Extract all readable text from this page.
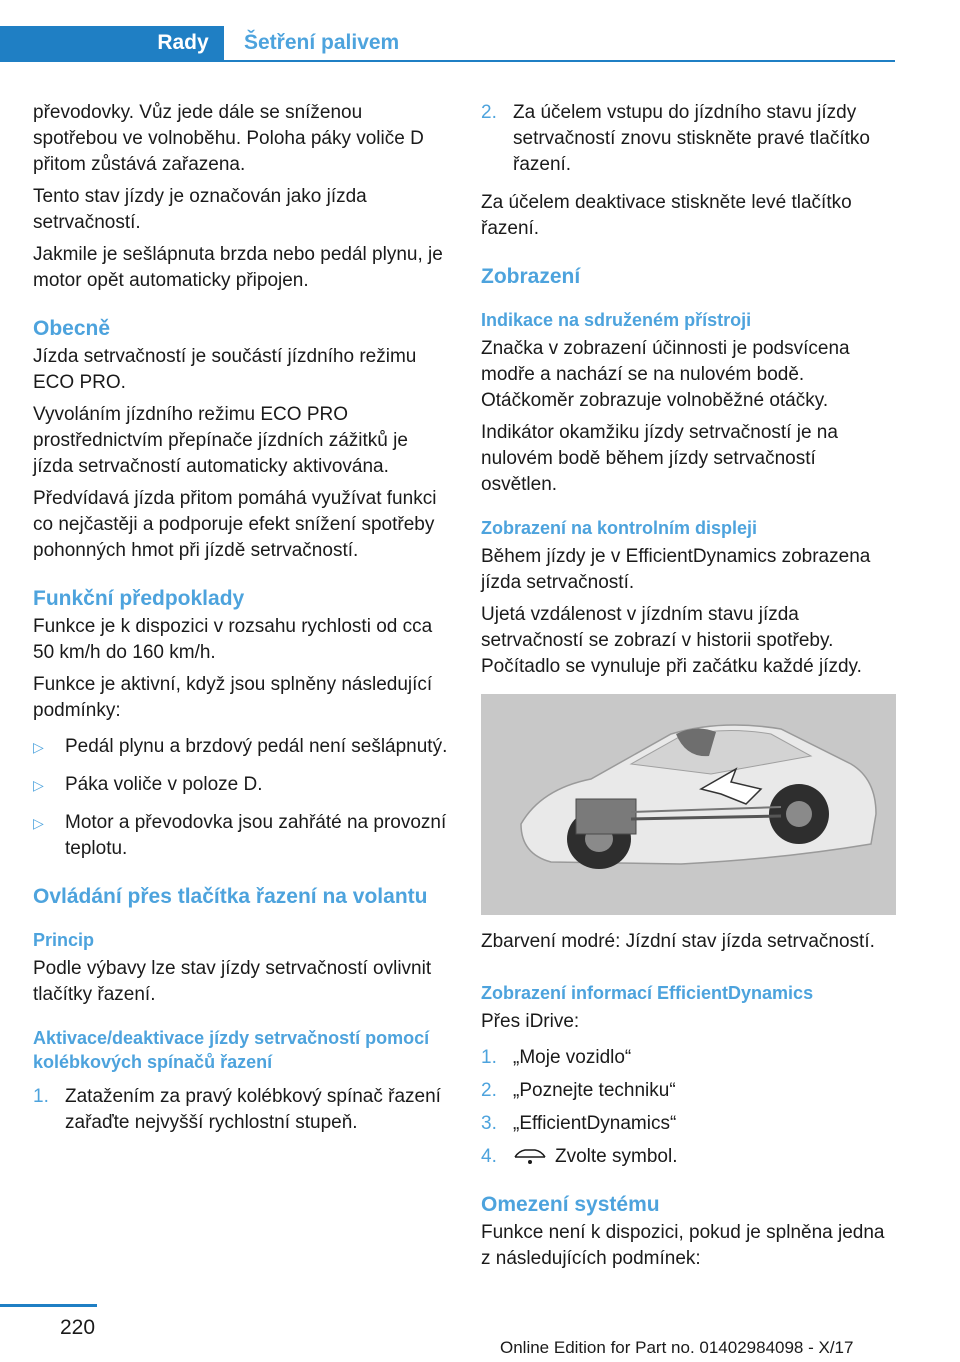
Rady	Šetření palivem

převodovky. Vůz jede dále se sníženou spotřebou ve volnoběhu. Poloha páky voliče D přitom zůstává zařazena.

Tento stav jízdy je označován jako jízda setrvačností.

Jakmile je sešlápnuta brzda nebo pedál plynu, je motor opět automaticky připojen.

Obecně

Jízda setrvačností je součástí jízdního režimu ECO PRO.

Vyvoláním jízdního režimu ECO PRO prostřednictvím přepínače jízdních zážitků je jízda setrvačností automaticky aktivována.

Předvídavá jízda přitom pomáhá využívat funkci co nejčastěji a podporuje efekt snížení spotřeby pohonných hmot při jízdě setrvačností.

Funkční předpoklady

Funkce je k dispozici v rozsahu rychlosti od cca 50 km/h do 160 km/h.

Funkce je aktivní, když jsou splněny následující podmínky:

▷ Pedál plynu a brzdový pedál není sešlápnutý.
▷ Páka voliče v poloze D.
▷ Motor a převodovka jsou zahřáté na provozní teplotu.
Ovládání přes tlačítka řazení na volantu
Princip

Podle výbavy lze stav jízdy setrvačností ovlivnit tlačítky řazení.

Aktivace/deaktivace jízdy setrvačností pomocí kolébkových spínačů řazení
1. Zatažením za pravý kolébkový spínač řazení zařaďte nejvyšší rychlostní stupeň.
2. Za účelem vstupu do jízdního stavu jízdy setrvačností znovu stiskněte pravé tlačítko řazení.

Za účelem deaktivace stiskněte levé tlačítko řazení.

Zobrazení
Indikace na sdruženém přístroji

Značka v zobrazení účinnosti je podsvícena modře a nachází se na nulovém bodě. Otáčkoměr zobrazuje volnoběžné otáčky.

Indikátor okamžiku jízdy setrvačností je na nulovém bodě během jízdy setrvačností osvětlen.

Zobrazení na kontrolním displeji

Během jízdy je v EfficientDynamics zobrazena jízda setrvačností.

Ujetá vzdálenost v jízdním stavu jízda setrvačností se zobrazí v historii spotřeby. Počítadlo se vynuluje při začátku každé jízdy.

Zbarvení modré: Jízdní stav jízda setrvačností.

Zobrazení informací EfficientDynamics

Přes iDrive:

1. „Moje vozidlo“
2. „Poznejte techniku“
3. „EfficientDynamics“
4.	Zvolte symbol.
Omezení systému

Funkce není k dispozici, pokud je splněna jedna z následujících podmínek:

220
Online Edition for Part no. 01402984098 - X/17
